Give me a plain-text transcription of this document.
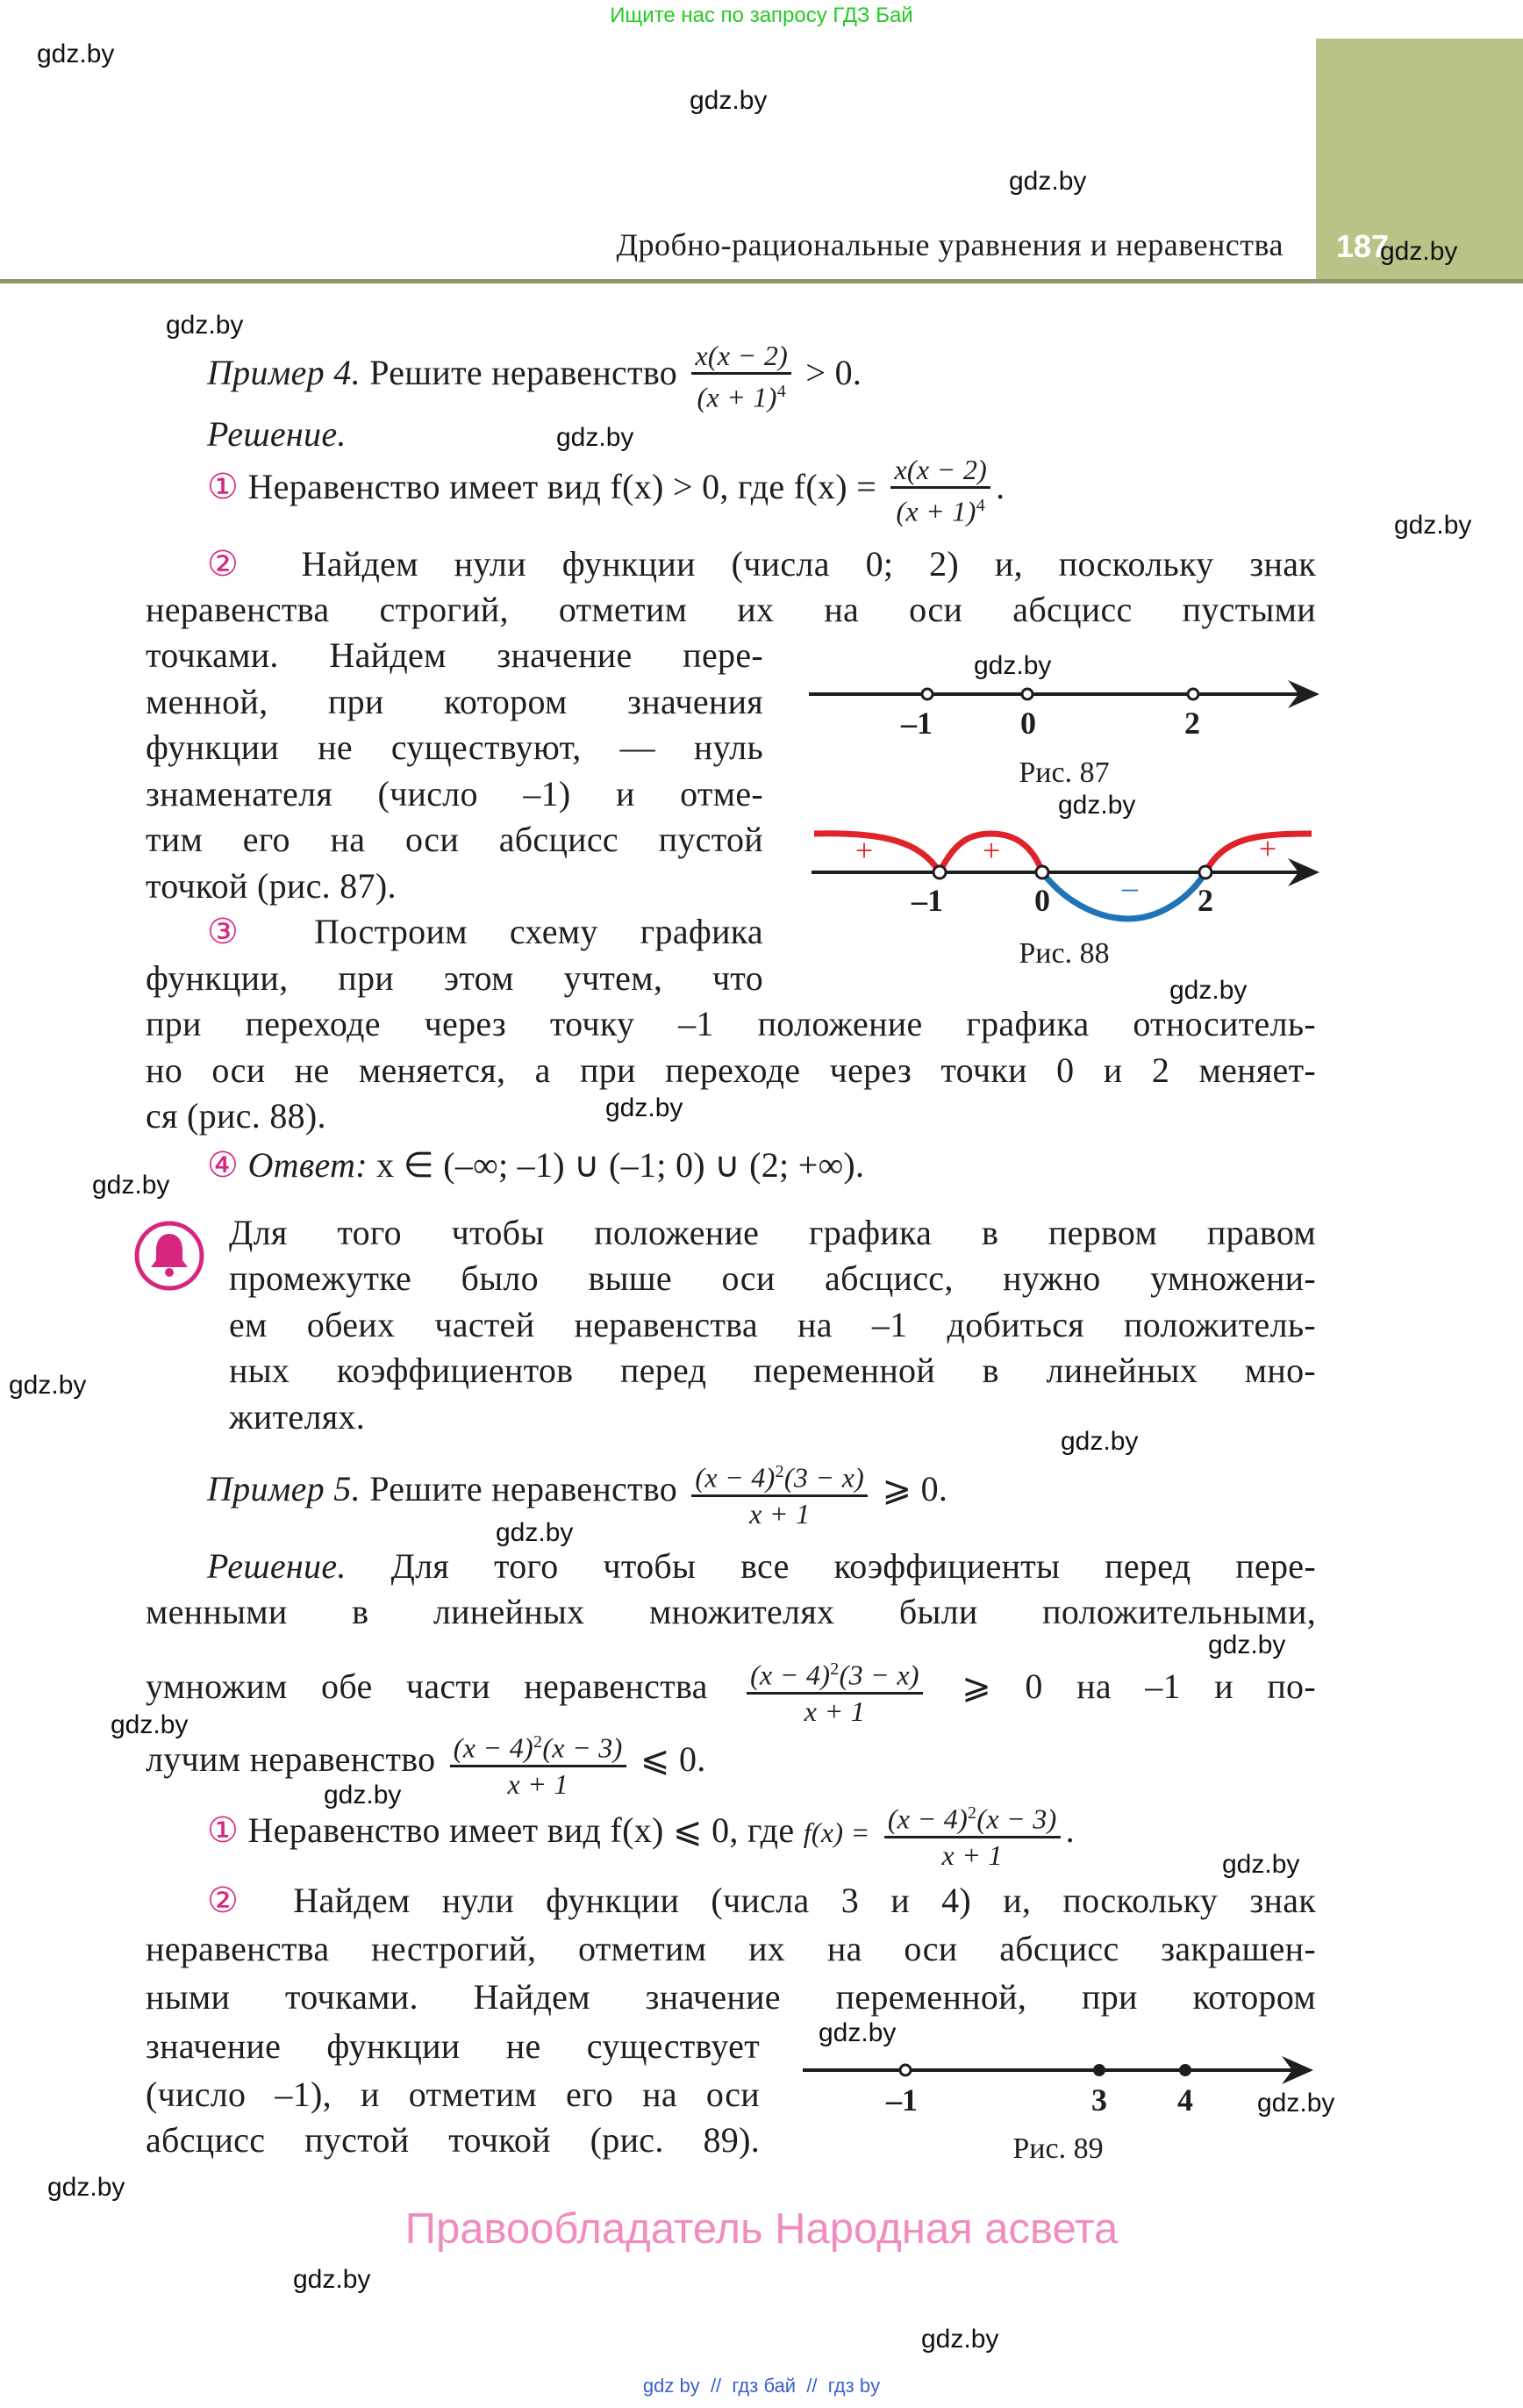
Ищите нас по запросу ГДЗ Бай
Дробно-рациональные уравнения и неравенства 187
gdz.by
gdz.by
gdz.by
gdz.by
gdz.by
gdz.by
gdz.by
gdz.by
gdz.by
gdz.by
gdz.by
gdz.by
gdz.by
gdz.by
gdz.by
gdz.by
gdz.by
gdz.by
gdz.by
gdz.by
gdz.by
gdz.by
gdz.by
gdz.by
Пример 4. Решите неравенство $\frac{x(x - 2)}{(x + 1)^4} > 0$.
Решение.
① Неравенство имеет вид f(x) > 0, где $f(x) = \frac{x(x - 2)}{(x + 1)^4}$ .
② Найдем нули функции (числа 0; 2) и, поскольку знак
неравенства строгий, отметим их на оси абсцисс пустыми
точками. Найдем значение пере-
менной, при котором значения
функции не существуют, — нуль
знаменателя (число –1) и отме-
тим его на оси абсцисс пустой
точкой (рис. 87).
③ Построим схему графика
функции, при этом учтем, что
при переходе через точку –1 положение графика относитель-
но оси не меняется, а при переходе через точки 0 и 2 меняет-
ся (рис. 88).
④ Ответ: x ∈ (–∞; –1) ∪ (–1; 0) ∪ (2; +∞).
Для того чтобы положение графика в первом правом
промежутке было выше оси абсцисс, нужно умножени-
ем обеих частей неравенства на –1 добиться положитель-
ных коэффициентов перед переменной в линейных мно-
жителях.
Пример 5. Решите неравенство $\frac{(x - 4)^2(3 - x)}{x + 1}$ ⩾ 0.
Решение. Для того чтобы все коэффициенты перед пере-
менными в линейных множителях были положительными,
умножим обе части неравенства $\frac{(x - 4)^2(3 - x)}{x + 1}$ ⩾ 0 на –1 и по-
лучим неравенство $\frac{(x - 4)^2(x - 3)}{x + 1}$ ⩽ 0.
① Неравенство имеет вид f(x) ⩽ 0, где $f(x) = \frac{(x - 4)^2(x - 3)}{x + 1}$ .
② Найдем нули функции (числа 3 и 4) и, поскольку знак
неравенства нестрогий, отметим их на оси абсцисс закрашен-
ными точками. Найдем значение переменной, при котором
значение функции не существует
(число –1), и отметим его на оси
абсцисс пустой точкой (рис. 89).
–1	0	2
Рис. 87
+	+
–
+
–1	0	2
Рис. 88
–1	3 4
Рис. 89
Правообладатель Народная асвета
gdz by  //  гдз бай  //  гдз by
